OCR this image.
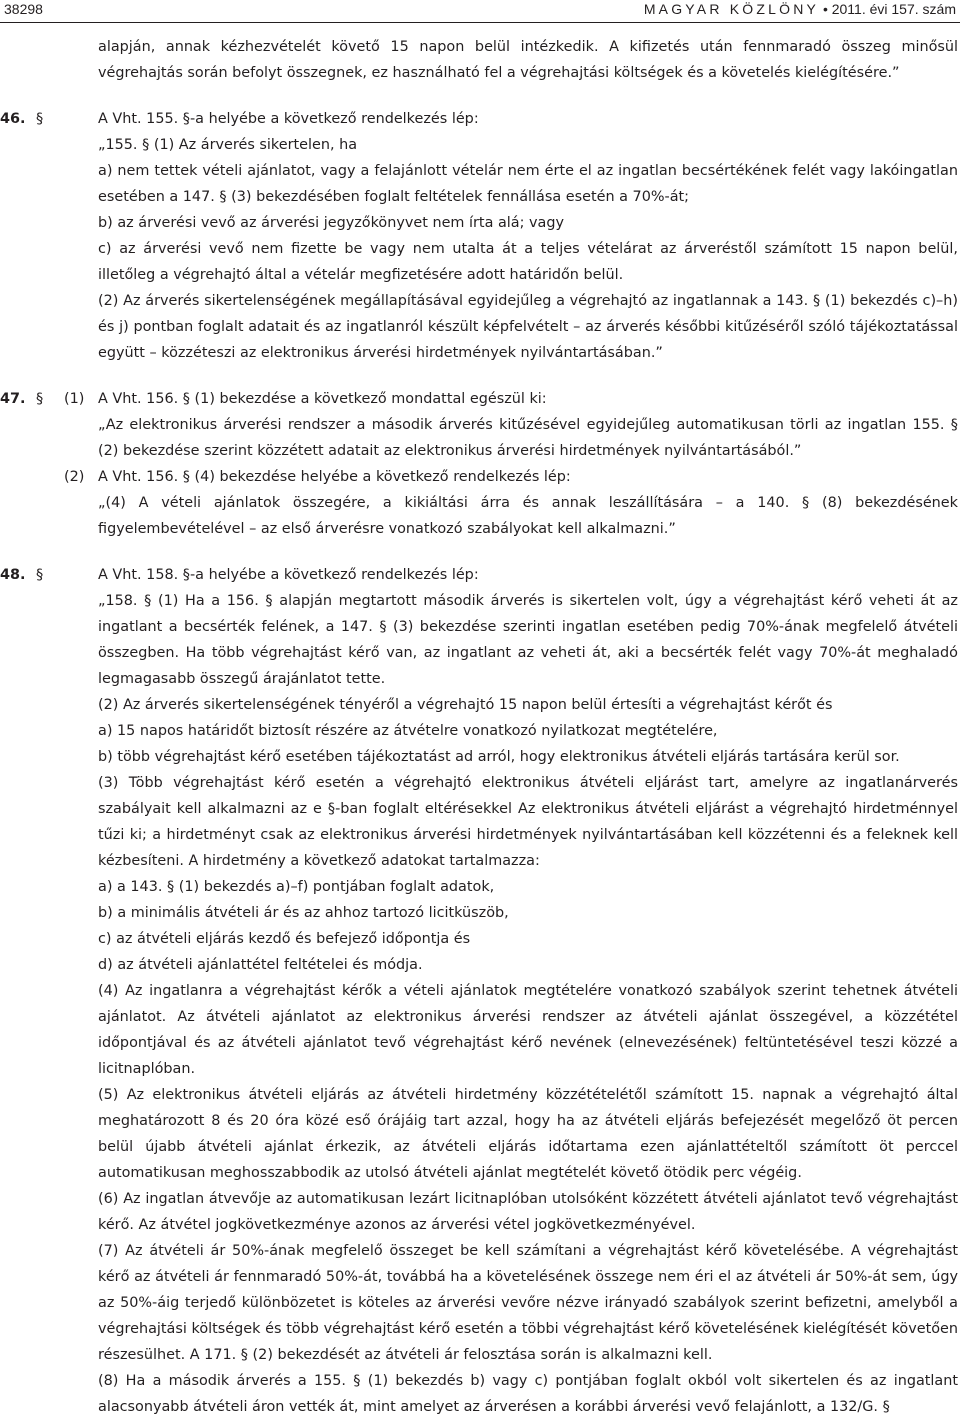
38298	MAGYAR KÖZLÖNY • 2011. évi 157. szám

alapján, annak kézhezvételét követő 15 napon belül intézkedik. A kifizetés után fennmaradó összeg minősül végrehajtás során befolyt összegnek, ez használható fel a végrehajtási költségek és a követelés kielégítésére.”

46. §	A Vht. 155. §-a helyébe a következő rendelkezés lép:

„155. § (1) Az árverés sikertelen, ha

a) nem tettek vételi ajánlatot, vagy a felajánlott vételár nem érte el az ingatlan becsértékének felét vagy lakóingatlan esetében a 147. § (3) bekezdésében foglalt feltételek fennállása esetén a 70%-át;

b) az árverési vevő az árverési jegyzőkönyvet nem írta alá; vagy

c) az árverési vevő nem fizette be vagy nem utalta át a teljes vételárat az árveréstől számított 15 napon belül, illetőleg a végrehajtó által a vételár megfizetésére adott határidőn belül.

(2) Az árverés sikertelenségének megállapításával egyidejűleg a végrehajtó az ingatlannak a 143. § (1) bekezdés c)–h) és j) pontban foglalt adatait és az ingatlanról készült képfelvételt – az árverés későbbi kitűzéséről szóló tájékoztatással együtt – közzéteszi az elektronikus árverési hirdetmények nyilvántartásában.”

47. § (1) A Vht. 156. § (1) bekezdése a következő mondattal egészül ki:

„Az elektronikus árverési rendszer a második árverés kitűzésével egyidejűleg automatikusan törli az ingatlan 155. § (2) bekezdése szerint közzétett adatait az elektronikus árverési hirdetmények nyilvántartásából.”

(2) A Vht. 156. § (4) bekezdése helyébe a következő rendelkezés lép:

„(4) A vételi ajánlatok összegére, a kikiáltási árra és annak leszállítására – a 140. § (8) bekezdésének figyelembevételével – az első árverésre vonatkozó szabályokat kell alkalmazni.”

48. §	A Vht. 158. §-a helyébe a következő rendelkezés lép:

„158. § (1) Ha a 156. § alapján megtartott második árverés is sikertelen volt, úgy a végrehajtást kérő veheti át az ingatlant a becsérték felének, a 147. § (3) bekezdése szerinti ingatlan esetében pedig 70%-ának megfelelő átvételi összegben. Ha több végrehajtást kérő van, az ingatlant az veheti át, aki a becsérték felét vagy 70%-át meghaladó legmagasabb összegű árajánlatot tette.

(2) Az árverés sikertelenségének tényéről a végrehajtó 15 napon belül értesíti a végrehajtást kérőt és

a) 15 napos határidőt biztosít részére az átvételre vonatkozó nyilatkozat megtételére,

b) több végrehajtást kérő esetében tájékoztatást ad arról, hogy elektronikus átvételi eljárás tartására kerül sor.

(3) Több végrehajtást kérő esetén a végrehajtó elektronikus átvételi eljárást tart, amelyre az ingatlanárverés szabályait kell alkalmazni az e §-ban foglalt eltérésekkel Az elektronikus átvételi eljárást a végrehajtó hirdetménnyel tűzi ki; a hirdetményt csak az elektronikus árverési hirdetmények nyilvántartásában kell közzétenni és a feleknek kell kézbesíteni. A hirdetmény a következő adatokat tartalmazza:

a) a 143. § (1) bekezdés a)–f) pontjában foglalt adatok,

b) a minimális átvételi ár és az ahhoz tartozó licitküszöb,

c) az átvételi eljárás kezdő és befejező időpontja és

d) az átvételi ajánlattétel feltételei és módja.

(4) Az ingatlanra a végrehajtást kérők a vételi ajánlatok megtételére vonatkozó szabályok szerint tehetnek átvételi ajánlatot. Az átvételi ajánlatot az elektronikus árverési rendszer az átvételi ajánlat összegével, a közzététel időpontjával és az átvételi ajánlatot tevő végrehajtást kérő nevének (elnevezésének) feltüntetésével teszi közzé a licitnaplóban.

(5) Az elektronikus átvételi eljárás az átvételi hirdetmény közzétételétől számított 15. napnak a végrehajtó által meghatározott 8 és 20 óra közé eső órájáig tart azzal, hogy ha az átvételi eljárás befejezését megelőző öt percen belül újabb átvételi ajánlat érkezik, az átvételi eljárás időtartama ezen ajánlattételtől számított öt perccel automatikusan meghosszabbodik az utolsó átvételi ajánlat megtételét követő ötödik perc végéig.

(6) Az ingatlan átvevője az automatikusan lezárt licitnaplóban utolsóként közzétett átvételi ajánlatot tevő végrehajtást kérő. Az átvétel jogkövetkezménye azonos az árverési vétel jogkövetkezményével.

(7) Az átvételi ár 50%-ának megfelelő összeget be kell számítani a végrehajtást kérő követelésébe. A végrehajtást kérő az átvételi ár fennmaradó 50%-át, továbbá ha a követelésének összege nem éri el az átvételi ár 50%-át sem, úgy az 50%-áig terjedő különbözetet is köteles az árverési vevőre nézve irányadó szabályok szerint befizetni, amelyből a végrehajtási költségek és több végrehajtást kérő esetén a többi végrehajtást kérő követelésének kielégítését követően részesülhet. A 171. § (2) bekezdését az átvételi ár felosztása során is alkalmazni kell.

(8) Ha a második árverés a 155. § (1) bekezdés b) vagy c) pontjában foglalt okból volt sikertelen és az ingatlant alacsonyabb átvételi áron vették át, mint amelyet az árverésen a korábbi árverési vevő felajánlott, a 132/G. §
